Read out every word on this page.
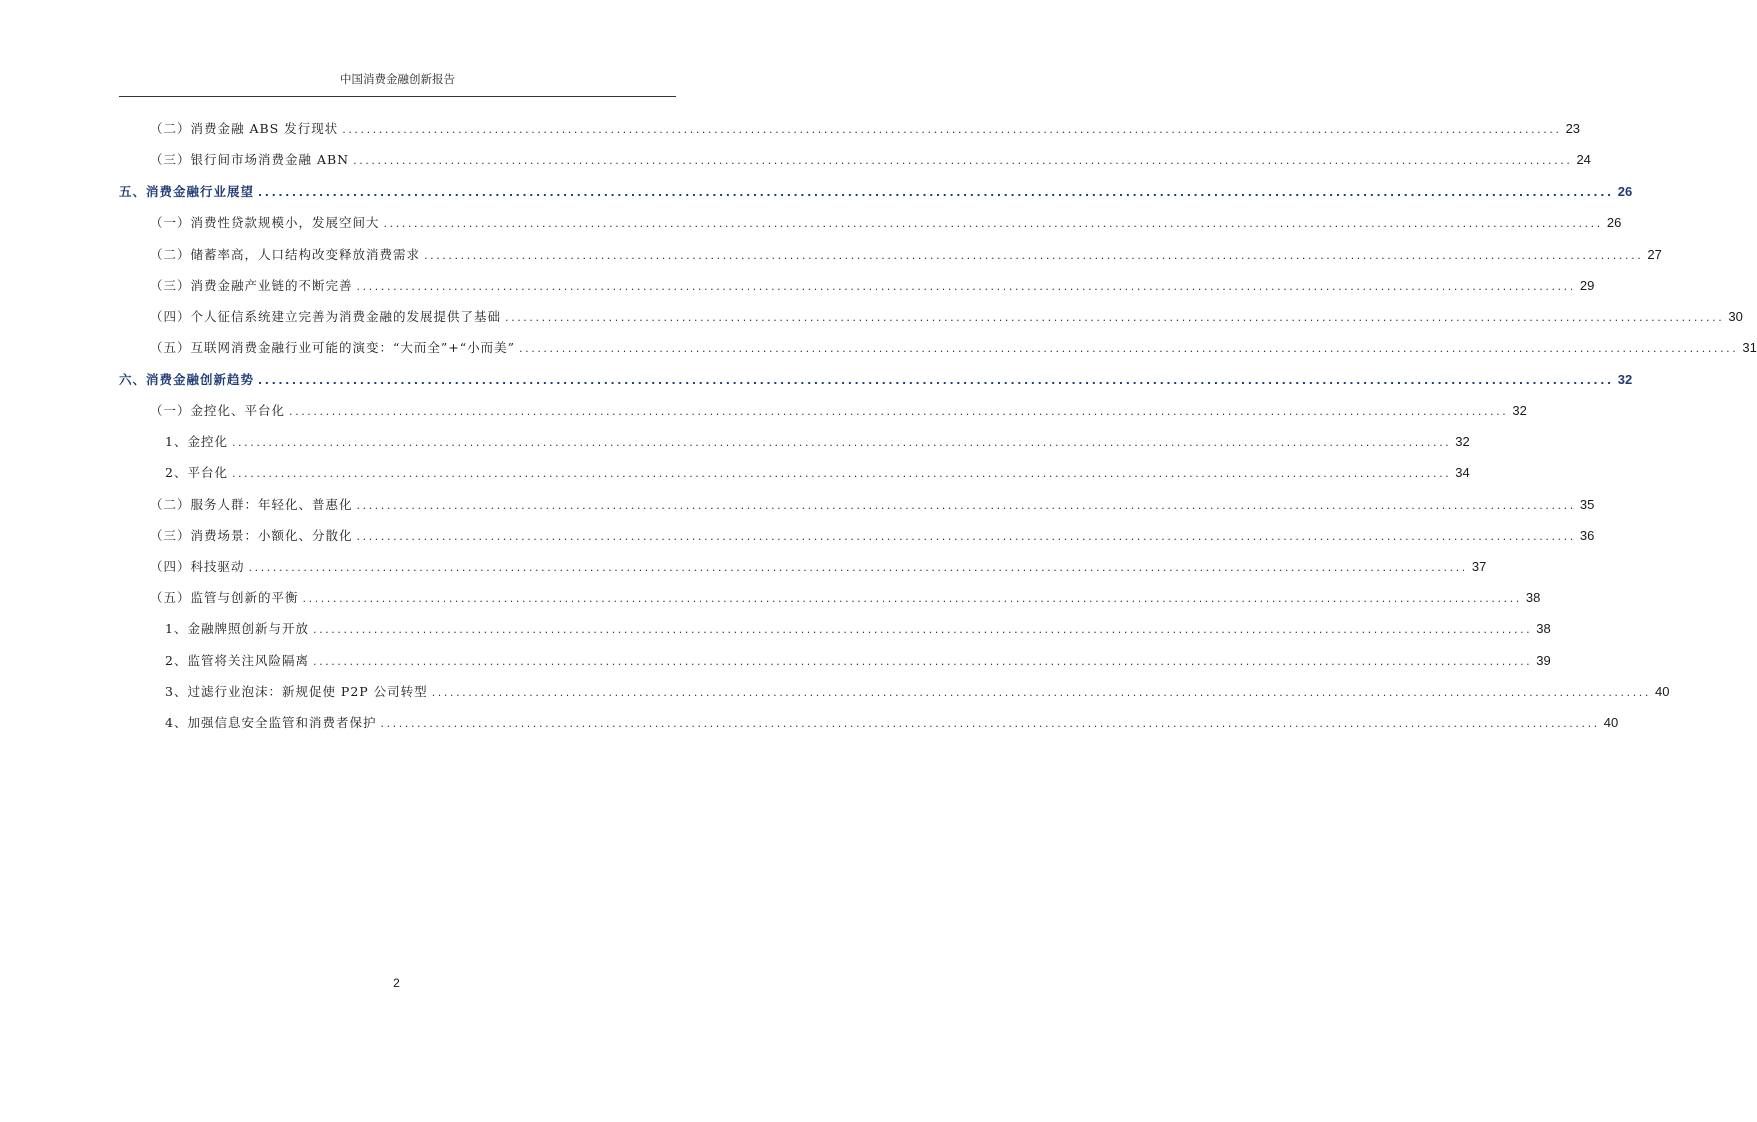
中国消费金融创新报告
（二）消费金融 ABS 发行现状 ........................................................................................................................................................................................................ 23
（三）银行间市场消费金融 ABN ........................................................................................................................................................................................................ 24
五、消费金融行业展望 ........................................................................................................................................................................................................ 26
（一）消费性贷款规模小，发展空间大 ........................................................................................................................................................................................................ 26
（二）储蓄率高，人口结构改变释放消费需求 ........................................................................................................................................................................................................ 27
（三）消费金融产业链的不断完善 ........................................................................................................................................................................................................ 29
（四）个人征信系统建立完善为消费金融的发展提供了基础 ........................................................................................................................................................................................................ 30
（五）互联网消费金融行业可能的演变：“大而全”+“小而美” ........................................................................................................................................................................................................ 31
六、消费金融创新趋势 ........................................................................................................................................................................................................ 32
（一）金控化、平台化 ........................................................................................................................................................................................................ 32
1、金控化 ........................................................................................................................................................................................................ 32
2、平台化 ........................................................................................................................................................................................................ 34
（二）服务人群：年轻化、普惠化 ........................................................................................................................................................................................................ 35
（三）消费场景：小额化、分散化 ........................................................................................................................................................................................................ 36
（四）科技驱动 ........................................................................................................................................................................................................ 37
（五）监管与创新的平衡 ........................................................................................................................................................................................................ 38
1、金融牌照创新与开放 ........................................................................................................................................................................................................ 38
2、监管将关注风险隔离 ........................................................................................................................................................................................................ 39
3、过滤行业泡沫：新规促使 P2P 公司转型 ........................................................................................................................................................................................................ 40
4、加强信息安全监管和消费者保护 ........................................................................................................................................................................................................ 40
2
